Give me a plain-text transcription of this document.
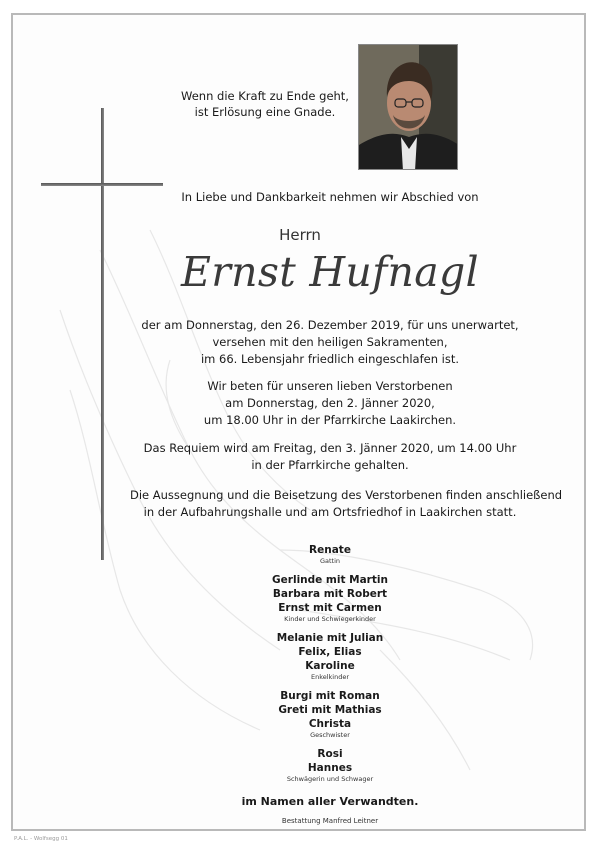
Wenn die Kraft zu Ende geht,
ist Erlösung eine Gnade.
In Liebe und Dankbarkeit nehmen wir Abschied von
Herrn
Ernst Hufnagl
der am Donnerstag, den 26. Dezember 2019, für uns unerwartet,
versehen mit den heiligen Sakramenten,
im 66. Lebensjahr friedlich eingeschlafen ist.
Wir beten für unseren lieben Verstorbenen
am Donnerstag, den 2. Jänner 2020,
um 18.00 Uhr in der Pfarrkirche Laakirchen.
Das Requiem wird am Freitag, den 3. Jänner 2020, um 14.00 Uhr
in der Pfarrkirche gehalten.
Die Aussegnung und die Beisetzung des Verstorbenen finden anschließend
in der Aufbahrungshalle und am Ortsfriedhof in Laakirchen statt.
Renate
Gattin
Gerlinde mit Martin
Barbara mit Robert
Ernst mit Carmen
Kinder und Schwiegerkinder
Melanie mit Julian
Felix, Elias
Karoline
Enkelkinder
Burgi mit Roman
Greti mit Mathias
Christa
Geschwister
Rosi
Hannes
Schwägerin und Schwager
im Namen aller Verwandten.
Bestattung Manfred Leitner
P.A.L. - Wolfsegg 01
